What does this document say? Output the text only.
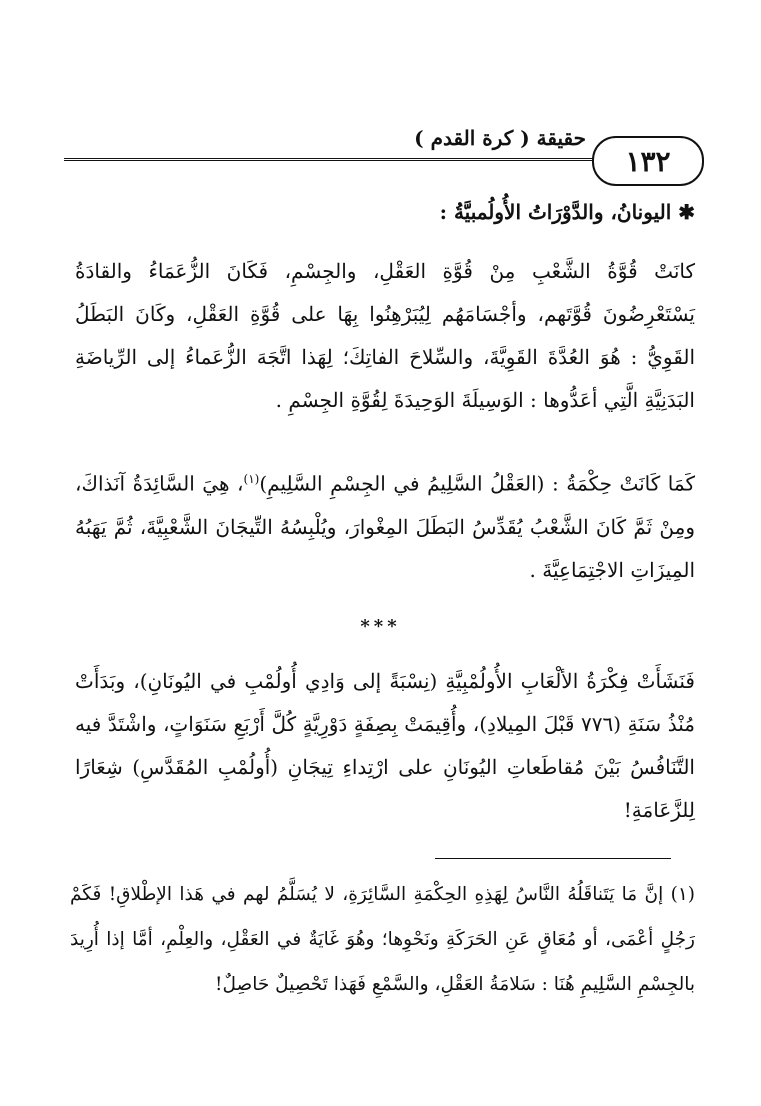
حقيقة ( كرة القدم )
١٣٢
✱ اليونانُ، والدَّوْرَاتُ الأُولُمبيَّةُ :

كانَتْ قُوَّةُ الشَّعْبِ مِنْ قُوَّةِ العَقْلِ، والجِسْمِ، فَكَانَ الزُّعَمَاءُ والقادَةُ يَسْتَعْرِضُونَ قُوَّتَهم، وأجْسَامَهُم لِيُبَرْهِنُوا بِهَا على قُوَّةِ العَقْلِ، وكَانَ البَطَلُ القَوِيُّ : هُوَ العُدَّةَ القَوِيَّةَ، والسِّلاحَ الفاتِكَ؛ لِهَذا اتَّجَهَ الزُّعَماءُ إلى الرِّياضَةِ البَدَنِيَّةِ الَّتِي أعَدُّوها : الوَسِيلَةَ الوَحِيدَةَ لِقُوَّةِ الجِسْمِ .

كَمَا كَانَتْ حِكْمَةُ : (العَقْلُ السَّلِيمُ في الجِسْمِ السَّلِيمِ)$^{(١)}$، هِيَ السَّائِدَةُ آنَذاكَ، ومِنْ ثَمَّ كَانَ الشَّعْبُ يُقَدِّسُ البَطَلَ المِغْوارَ، ويُلْبِسُهُ التِّيجَانَ الشَّعْبِيَّةَ، ثُمَّ يَهَبُهُ المِيزَاتِ الاجْتِمَاعِيَّةَ .

***

فَنَشَأَتْ فِكْرَةُ الألْعَابِ الأُولُمْبِيَّةِ (نِسْبَةً إلى وَادِي أُولُمْبِ في اليُونَانِ)، وبَدَأَتْ مُنْذُ سَنَةِ (٧٧٦ قَبْلَ المِيلادِ)، وأُقِيمَتْ بِصِفَةٍ دَوْرِيَّةٍ كُلَّ أَرْبَعِ سَنَوَاتٍ، واشْتَدَّ فيه التَّنَافُسُ بَيْنَ مُقاطَعاتِ اليُونَانِ على ارْتِداءِ تِيجَانِ (أُولُمْبِ المُقَدَّسِ) شِعَارًا لِلزَّعَامَةِ!

(١) إنَّ مَا يَتَناقَلُهُ النَّاسُ لِهَذِهِ الحِكْمَةِ السَّائِرَةِ، لا يُسَلَّمُ لهم في هَذا الإطْلاقِ! فَكَمْ رَجُلٍ أعْمَى، أو مُعَاقٍ عَنِ الحَرَكَةِ ونَحْوِها؛ وهُوَ غَايَةٌ في العَقْلِ، والعِلْمِ، أمَّا إذا أُرِيدَ بالجِسْمِ السَّلِيمِ هُنَا : سَلامَةُ العَقْلِ، والسَّمْعِ فَهَذا تَحْصِيلٌ حَاصِلٌ!
